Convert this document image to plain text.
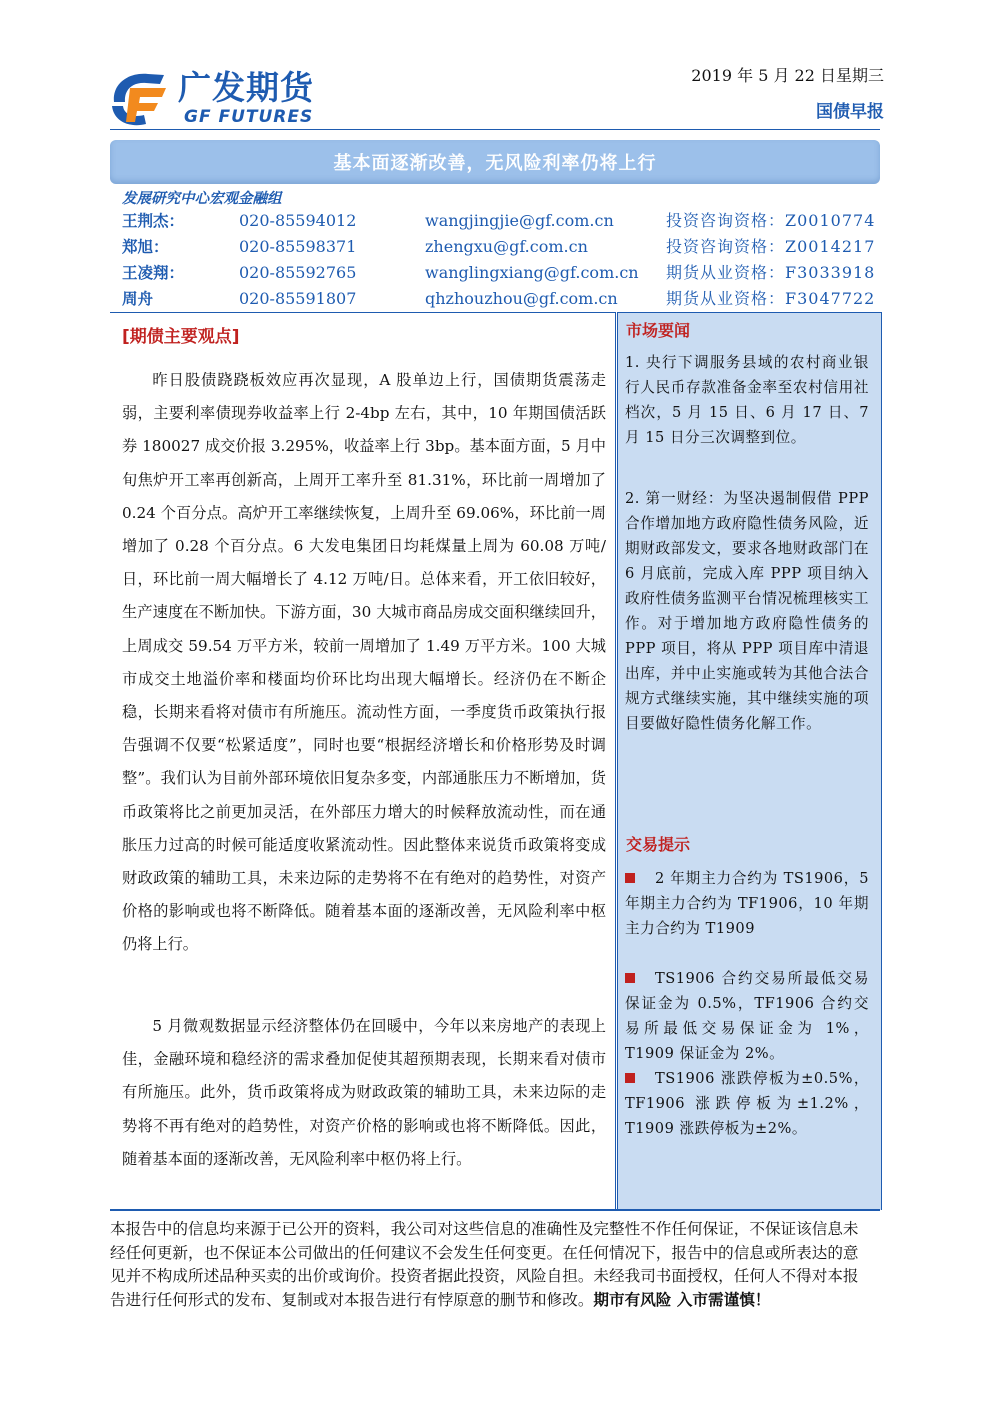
广发期货
GF FUTURES
2019 年 5 月 22 日星期三
国债早报
基本面逐渐改善，无风险利率仍将上行
发展研究中心宏观金融组
王荆杰：	020-85594012	wangjingjie@gf.com.cn	投资咨询资格：Z0010774
郑旭：	020-85598371	zhengxu@gf.com.cn	投资咨询资格：Z0014217
王凌翔：	020-85592765	wanglingxiang@gf.com.cn 期货从业资格：F3033918
周舟	020-85591807	qhzhouzhou@gf.com.cn	期货从业资格：F3047722
[期债主要观点]
昨日股债跷跷板效应再次显现，A 股单边上行，国债期货震荡走弱，主要利率债现券收益率上行 2-4bp 左右，其中，10 年期国债活跃券 180027 成交价报 3.295%，收益率上行 3bp。基本面方面，5 月中旬焦炉开工率再创新高，上周开工率升至 81.31%，环比前一周增加了 0.24 个百分点。高炉开工率继续恢复，上周升至 69.06%，环比前一周增加了 0.28 个百分点。6 大发电集团日均耗煤量上周为 60.08 万吨/日，环比前一周大幅增长了 4.12 万吨/日。总体来看，开工依旧较好，生产速度在不断加快。下游方面，30 大城市商品房成交面积继续回升，上周成交 59.54 万平方米，较前一周增加了 1.49 万平方米。100 大城市成交土地溢价率和楼面均价环比均出现大幅增长。经济仍在不断企稳，长期来看将对债市有所施压。流动性方面，一季度货币政策执行报告强调不仅要“松紧适度”，同时也要“根据经济增长和价格形势及时调整”。我们认为目前外部环境依旧复杂多变，内部通胀压力不断增加，货币政策将比之前更加灵活，在外部压力增大的时候释放流动性，而在通胀压力过高的时候可能适度收紧流动性。因此整体来说货币政策将变成财政政策的辅助工具，未来边际的走势将不在有绝对的趋势性，对资产价格的影响或也将不断降低。随着基本面的逐渐改善，无风险利率中枢仍将上行。
5 月微观数据显示经济整体仍在回暖中，今年以来房地产的表现上佳，金融环境和稳经济的需求叠加促使其超预期表现，长期来看对债市有所施压。此外，货币政策将成为财政政策的辅助工具，未来边际的走势将不再有绝对的趋势性，对资产价格的影响或也将不断降低。因此，随着基本面的逐渐改善，无风险利率中枢仍将上行。
市场要闻
1. 央行下调服务县域的农村商业银行人民币存款准备金率至农村信用社档次，5 月 15 日、6 月 17 日、7 月 15 日分三次调整到位。
2. 第一财经：为坚决遏制假借 PPP 合作增加地方政府隐性债务风险，近期财政部发文，要求各地财政部门在 6 月底前，完成入库 PPP 项目纳入政府性债务监测平台情况梳理核实工作。对于增加地方政府隐性债务的 PPP 项目，将从 PPP 项目库中清退出库，并中止实施或转为其他合法合规方式继续实施，其中继续实施的项目要做好隐性债务化解工作。
交易提示
2 年期主力合约为 TS1906，5 年期主力合约为 TF1906，10 年期主力合约为 T1909
TS1906 合约交易所最低交易保证金为 0.5%，TF1906 合约交易所最低交易保证金为 1%，T1909 保证金为 2%。
TS1906 涨跌停板为±0.5%，TF1906 涨跌停板为±1.2%，T1909 涨跌停板为±2%。
本报告中的信息均来源于已公开的资料，我公司对这些信息的准确性及完整性不作任何保证，不保证该信息未经任何更新，也不保证本公司做出的任何建议不会发生任何变更。在任何情况下，报告中的信息或所表达的意见并不构成所述品种买卖的出价或询价。投资者据此投资，风险自担。未经我司书面授权，任何人不得对本报告进行任何形式的发布、复制或对本报告进行有悖原意的删节和修改。期市有风险 入市需谨慎！
